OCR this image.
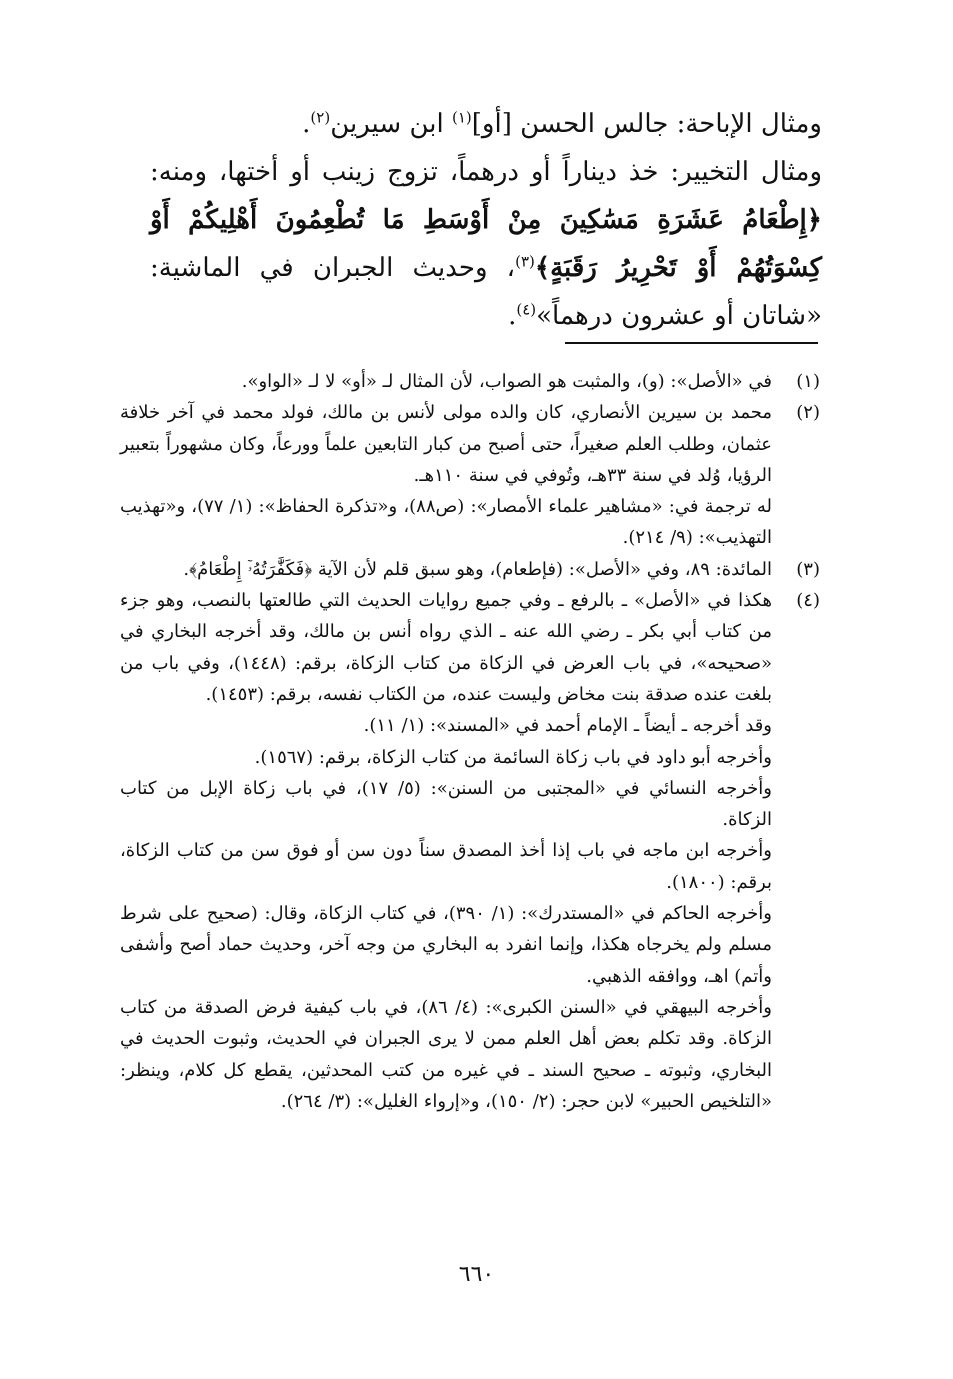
ومثال الإباحة: جالس الحسن [أو]$^{(١)}$ ابن سيرين$^{(٢)}$.

ومثال التخيير: خذ ديناراً أو درهماً، تزوج زينب أو أختها، ومنه: ﴿إِطْعَامُ عَشَرَةِ مَسَٰكِينَ مِنْ أَوْسَطِ مَا تُطْعِمُونَ أَهْلِيكُمْ أَوْ كِسْوَتُهُمْ أَوْ تَحْرِيرُ رَقَبَةٍ﴾$^{(٣)}$، وحديث الجبران في الماشية: «شاتان أو عشرون درهماً»$^{(٤)}$.

(١)

في «الأصل»: (و)، والمثبت هو الصواب، لأن المثال لـ «أو» لا لـ «الواو».

(٢)

محمد بن سيرين الأنصاري، كان والده مولى لأنس بن مالك، فولد محمد في آخر خلافة عثمان، وطلب العلم صغيراً، حتى أصبح من كبار التابعين علماً وورعاً، وكان مشهوراً بتعبير الرؤيا، وُلد في سنة ٣٣هـ، وتُوفي في سنة ١١٠هـ.

له ترجمة في: «مشاهير علماء الأمصار»: (ص٨٨)، و«تذكرة الحفاظ»: (١/ ٧٧)، و«تهذيب التهذيب»: (٩/ ٢١٤).

(٣)

المائدة: ٨٩، وفي «الأصل»: (فإطعام)، وهو سبق قلم لأن الآية ﴿فَكَفَّٰرَتُهُۥٓ إِطْعَامُ﴾.

(٤)

هكذا في «الأصل» ـ بالرفع ـ وفي جميع روايات الحديث التي طالعتها بالنصب، وهو جزء من كتاب أبي بكر ـ رضي الله عنه ـ الذي رواه أنس بن مالك، وقد أخرجه البخاري في «صحيحه»، في باب العرض في الزكاة من كتاب الزكاة، برقم: (١٤٤٨)، وفي باب من بلغت عنده صدقة بنت مخاض وليست عنده، من الكتاب نفسه، برقم: (١٤٥٣).

وقد أخرجه ـ أيضاً ـ الإمام أحمد في «المسند»: (١/ ١١).

وأخرجه أبو داود في باب زكاة السائمة من كتاب الزكاة، برقم: (١٥٦٧).

وأخرجه النسائي في «المجتبى من السنن»: (٥/ ١٧)، في باب زكاة الإبل من كتاب الزكاة.

وأخرجه ابن ماجه في باب إذا أخذ المصدق سناً دون سن أو فوق سن من كتاب الزكاة، برقم: (١٨٠٠).

وأخرجه الحاكم في «المستدرك»: (١/ ٣٩٠)، في كتاب الزكاة، وقال: (صحيح على شرط مسلم ولم يخرجاه هكذا، وإنما انفرد به البخاري من وجه آخر، وحديث حماد أصح وأشفى وأتم) اهـ، ووافقه الذهبي.

وأخرجه البيهقي في «السنن الكبرى»: (٤/ ٨٦)، في باب كيفية فرض الصدقة من كتاب الزكاة. وقد تكلم بعض أهل العلم ممن لا يرى الجبران في الحديث، وثبوت الحديث في البخاري، وثبوته ـ صحيح السند ـ في غيره من كتب المحدثين، يقطع كل كلام، وينظر: «التلخيص الحبير» لابن حجر: (٢/ ١٥٠)، و«إرواء الغليل»: (٣/ ٢٦٤).

٦٦٠
